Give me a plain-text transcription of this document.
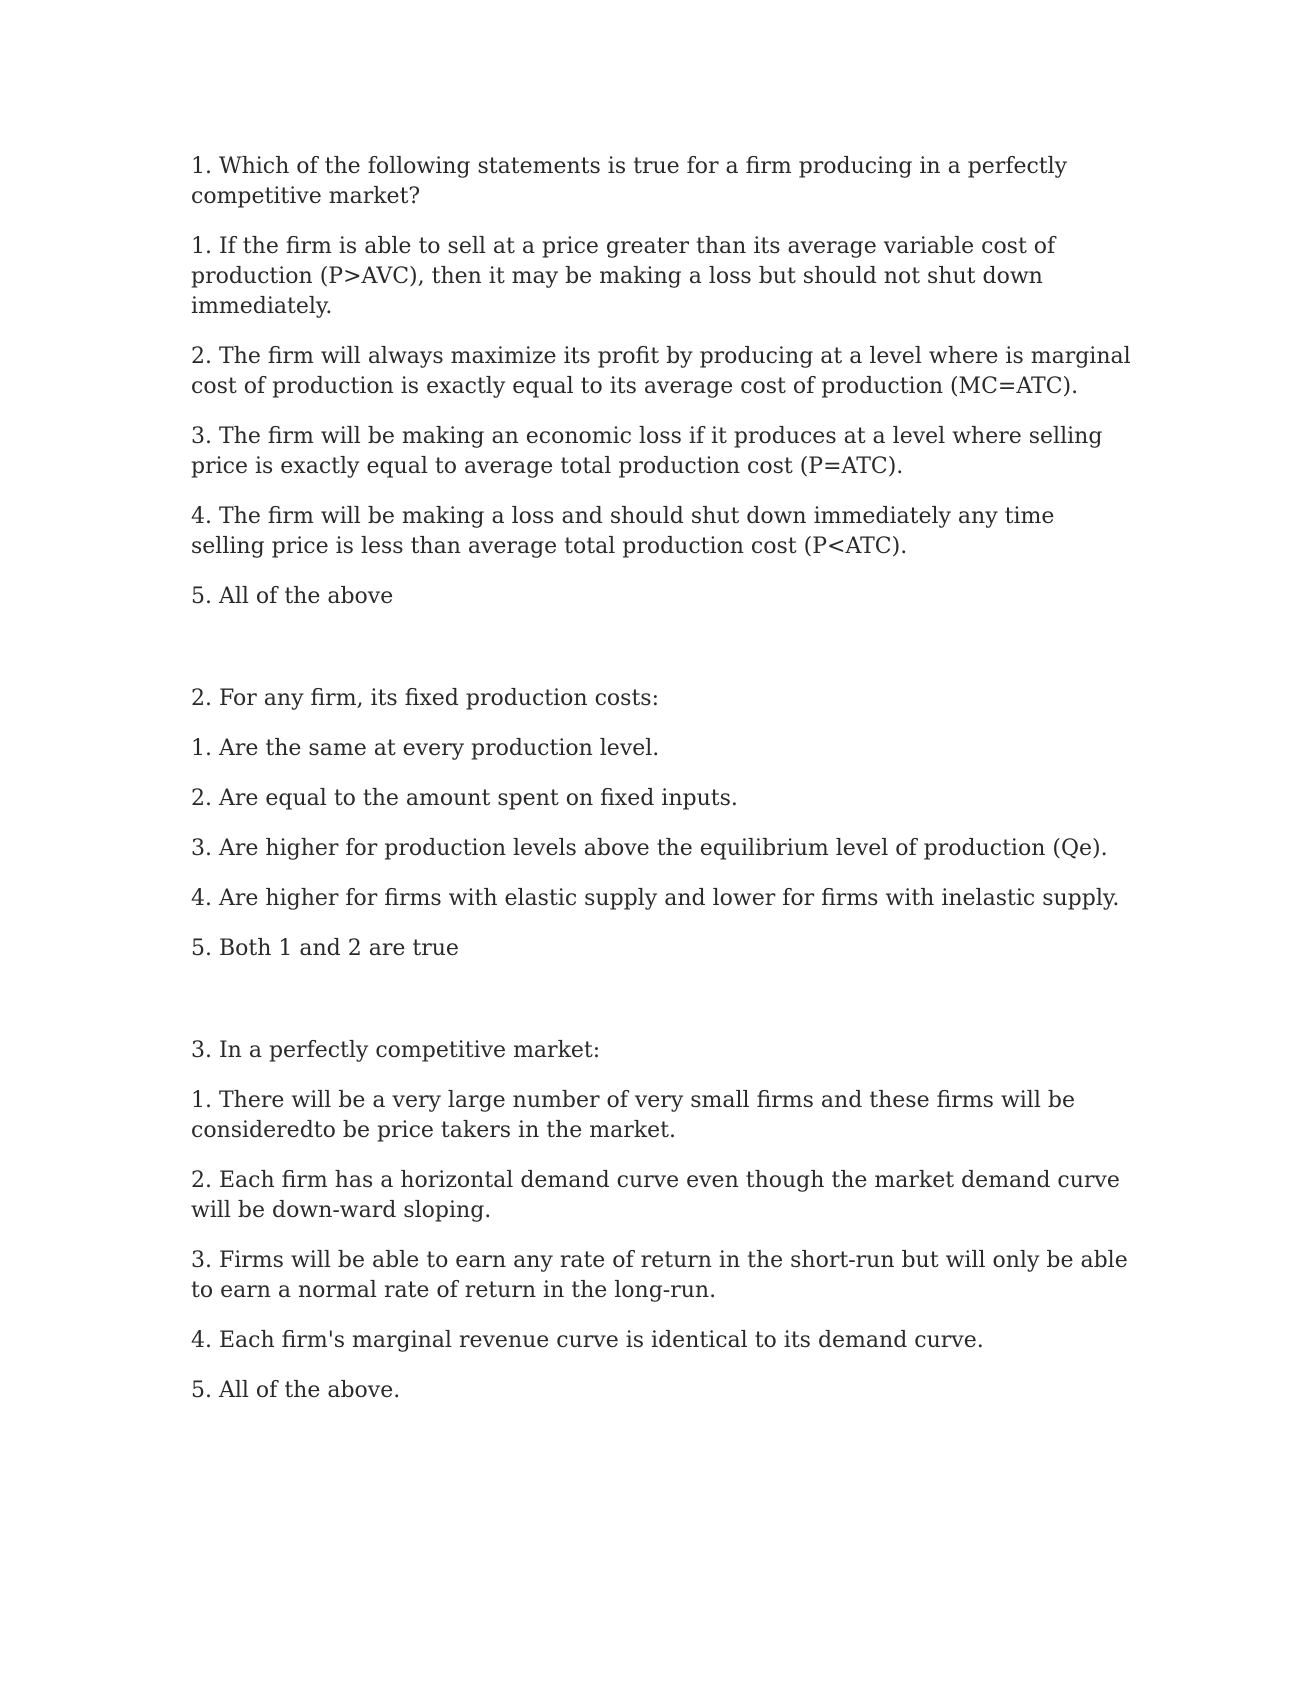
1. Which of the following statements is true for a firm producing in a perfectly competitive market?

1. If the firm is able to sell at a price greater than its average variable cost of production (P>AVC), then it may be making a loss but should not shut down immediately.

2. The firm will always maximize its profit by producing at a level where is marginal cost of production is exactly equal to its average cost of production (MC=ATC).

3. The firm will be making an economic loss if it produces at a level where selling price is exactly equal to average total production cost (P=ATC).

4. The firm will be making a loss and should shut down immediately any time selling price is less than average total production cost (P<ATC).

5. All of the above

2. For any firm, its fixed production costs:

1. Are the same at every production level.

2. Are equal to the amount spent on fixed inputs.

3. Are higher for production levels above the equilibrium level of production (Qe).

4. Are higher for firms with elastic supply and lower for firms with inelastic supply.

5. Both 1 and 2 are true

3. In a perfectly competitive market:

1. There will be a very large number of very small firms and these firms will be consideredto be price takers in the market.

2. Each firm has a horizontal demand curve even though the market demand curve will be down-ward sloping.

3. Firms will be able to earn any rate of return in the short-run but will only be able to earn a normal rate of return in the long-run.

4. Each firm's marginal revenue curve is identical to its demand curve.

5. All of the above.
